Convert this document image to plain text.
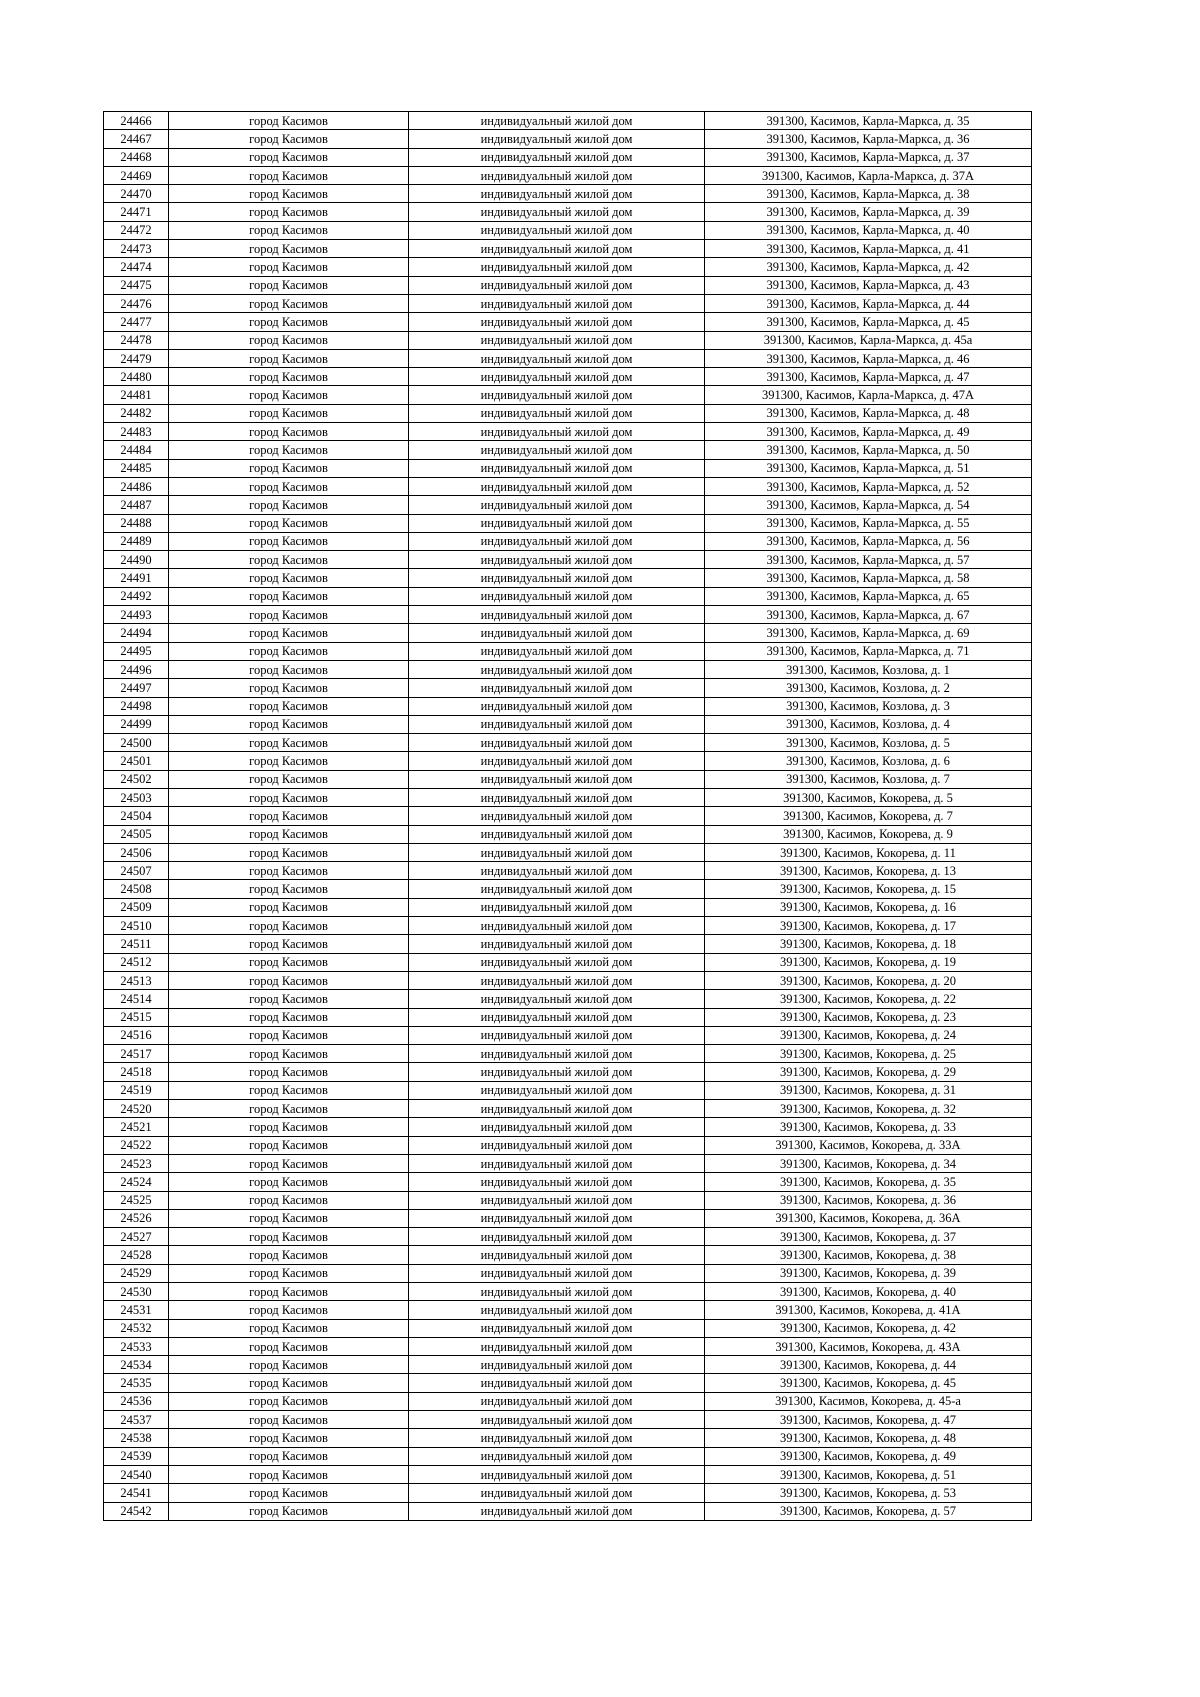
24466	город Касимов	индивидуальный жилой дом	391300, Касимов, Карла-Маркса, д. 35
24467	город Касимов	индивидуальный жилой дом	391300, Касимов, Карла-Маркса, д. 36
24468	город Касимов	индивидуальный жилой дом	391300, Касимов, Карла-Маркса, д. 37
24469	город Касимов	индивидуальный жилой дом	391300, Касимов, Карла-Маркса, д. 37А
24470	город Касимов	индивидуальный жилой дом	391300, Касимов, Карла-Маркса, д. 38
24471	город Касимов	индивидуальный жилой дом	391300, Касимов, Карла-Маркса, д. 39
24472	город Касимов	индивидуальный жилой дом	391300, Касимов, Карла-Маркса, д. 40
24473	город Касимов	индивидуальный жилой дом	391300, Касимов, Карла-Маркса, д. 41
24474	город Касимов	индивидуальный жилой дом	391300, Касимов, Карла-Маркса, д. 42
24475	город Касимов	индивидуальный жилой дом	391300, Касимов, Карла-Маркса, д. 43
24476	город Касимов	индивидуальный жилой дом	391300, Касимов, Карла-Маркса, д. 44
24477	город Касимов	индивидуальный жилой дом	391300, Касимов, Карла-Маркса, д. 45
24478	город Касимов	индивидуальный жилой дом	391300, Касимов, Карла-Маркса, д. 45а
24479	город Касимов	индивидуальный жилой дом	391300, Касимов, Карла-Маркса, д. 46
24480	город Касимов	индивидуальный жилой дом	391300, Касимов, Карла-Маркса, д. 47
24481	город Касимов	индивидуальный жилой дом	391300, Касимов, Карла-Маркса, д. 47А
24482	город Касимов	индивидуальный жилой дом	391300, Касимов, Карла-Маркса, д. 48
24483	город Касимов	индивидуальный жилой дом	391300, Касимов, Карла-Маркса, д. 49
24484	город Касимов	индивидуальный жилой дом	391300, Касимов, Карла-Маркса, д. 50
24485	город Касимов	индивидуальный жилой дом	391300, Касимов, Карла-Маркса, д. 51
24486	город Касимов	индивидуальный жилой дом	391300, Касимов, Карла-Маркса, д. 52
24487	город Касимов	индивидуальный жилой дом	391300, Касимов, Карла-Маркса, д. 54
24488	город Касимов	индивидуальный жилой дом	391300, Касимов, Карла-Маркса, д. 55
24489	город Касимов	индивидуальный жилой дом	391300, Касимов, Карла-Маркса, д. 56
24490	город Касимов	индивидуальный жилой дом	391300, Касимов, Карла-Маркса, д. 57
24491	город Касимов	индивидуальный жилой дом	391300, Касимов, Карла-Маркса, д. 58
24492	город Касимов	индивидуальный жилой дом	391300, Касимов, Карла-Маркса, д. 65
24493	город Касимов	индивидуальный жилой дом	391300, Касимов, Карла-Маркса, д. 67
24494	город Касимов	индивидуальный жилой дом	391300, Касимов, Карла-Маркса, д. 69
24495	город Касимов	индивидуальный жилой дом	391300, Касимов, Карла-Маркса, д. 71
24496	город Касимов	индивидуальный жилой дом	391300, Касимов, Козлова, д. 1
24497	город Касимов	индивидуальный жилой дом	391300, Касимов, Козлова, д. 2
24498	город Касимов	индивидуальный жилой дом	391300, Касимов, Козлова, д. 3
24499	город Касимов	индивидуальный жилой дом	391300, Касимов, Козлова, д. 4
24500	город Касимов	индивидуальный жилой дом	391300, Касимов, Козлова, д. 5
24501	город Касимов	индивидуальный жилой дом	391300, Касимов, Козлова, д. 6
24502	город Касимов	индивидуальный жилой дом	391300, Касимов, Козлова, д. 7
24503	город Касимов	индивидуальный жилой дом	391300, Касимов, Кокорева, д. 5
24504	город Касимов	индивидуальный жилой дом	391300, Касимов, Кокорева, д. 7
24505	город Касимов	индивидуальный жилой дом	391300, Касимов, Кокорева, д. 9
24506	город Касимов	индивидуальный жилой дом	391300, Касимов, Кокорева, д. 11
24507	город Касимов	индивидуальный жилой дом	391300, Касимов, Кокорева, д. 13
24508	город Касимов	индивидуальный жилой дом	391300, Касимов, Кокорева, д. 15
24509	город Касимов	индивидуальный жилой дом	391300, Касимов, Кокорева, д. 16
24510	город Касимов	индивидуальный жилой дом	391300, Касимов, Кокорева, д. 17
24511	город Касимов	индивидуальный жилой дом	391300, Касимов, Кокорева, д. 18
24512	город Касимов	индивидуальный жилой дом	391300, Касимов, Кокорева, д. 19
24513	город Касимов	индивидуальный жилой дом	391300, Касимов, Кокорева, д. 20
24514	город Касимов	индивидуальный жилой дом	391300, Касимов, Кокорева, д. 22
24515	город Касимов	индивидуальный жилой дом	391300, Касимов, Кокорева, д. 23
24516	город Касимов	индивидуальный жилой дом	391300, Касимов, Кокорева, д. 24
24517	город Касимов	индивидуальный жилой дом	391300, Касимов, Кокорева, д. 25
24518	город Касимов	индивидуальный жилой дом	391300, Касимов, Кокорева, д. 29
24519	город Касимов	индивидуальный жилой дом	391300, Касимов, Кокорева, д. 31
24520	город Касимов	индивидуальный жилой дом	391300, Касимов, Кокорева, д. 32
24521	город Касимов	индивидуальный жилой дом	391300, Касимов, Кокорева, д. 33
24522	город Касимов	индивидуальный жилой дом	391300, Касимов, Кокорева, д. 33А
24523	город Касимов	индивидуальный жилой дом	391300, Касимов, Кокорева, д. 34
24524	город Касимов	индивидуальный жилой дом	391300, Касимов, Кокорева, д. 35
24525	город Касимов	индивидуальный жилой дом	391300, Касимов, Кокорева, д. 36
24526	город Касимов	индивидуальный жилой дом	391300, Касимов, Кокорева, д. 36А
24527	город Касимов	индивидуальный жилой дом	391300, Касимов, Кокорева, д. 37
24528	город Касимов	индивидуальный жилой дом	391300, Касимов, Кокорева, д. 38
24529	город Касимов	индивидуальный жилой дом	391300, Касимов, Кокорева, д. 39
24530	город Касимов	индивидуальный жилой дом	391300, Касимов, Кокорева, д. 40
24531	город Касимов	индивидуальный жилой дом	391300, Касимов, Кокорева, д. 41А
24532	город Касимов	индивидуальный жилой дом	391300, Касимов, Кокорева, д. 42
24533	город Касимов	индивидуальный жилой дом	391300, Касимов, Кокорева, д. 43А
24534	город Касимов	индивидуальный жилой дом	391300, Касимов, Кокорева, д. 44
24535	город Касимов	индивидуальный жилой дом	391300, Касимов, Кокорева, д. 45
24536	город Касимов	индивидуальный жилой дом	391300, Касимов, Кокорева, д. 45-а
24537	город Касимов	индивидуальный жилой дом	391300, Касимов, Кокорева, д. 47
24538	город Касимов	индивидуальный жилой дом	391300, Касимов, Кокорева, д. 48
24539	город Касимов	индивидуальный жилой дом	391300, Касимов, Кокорева, д. 49
24540	город Касимов	индивидуальный жилой дом	391300, Касимов, Кокорева, д. 51
24541	город Касимов	индивидуальный жилой дом	391300, Касимов, Кокорева, д. 53
24542	город Касимов	индивидуальный жилой дом	391300, Касимов, Кокорева, д. 57
